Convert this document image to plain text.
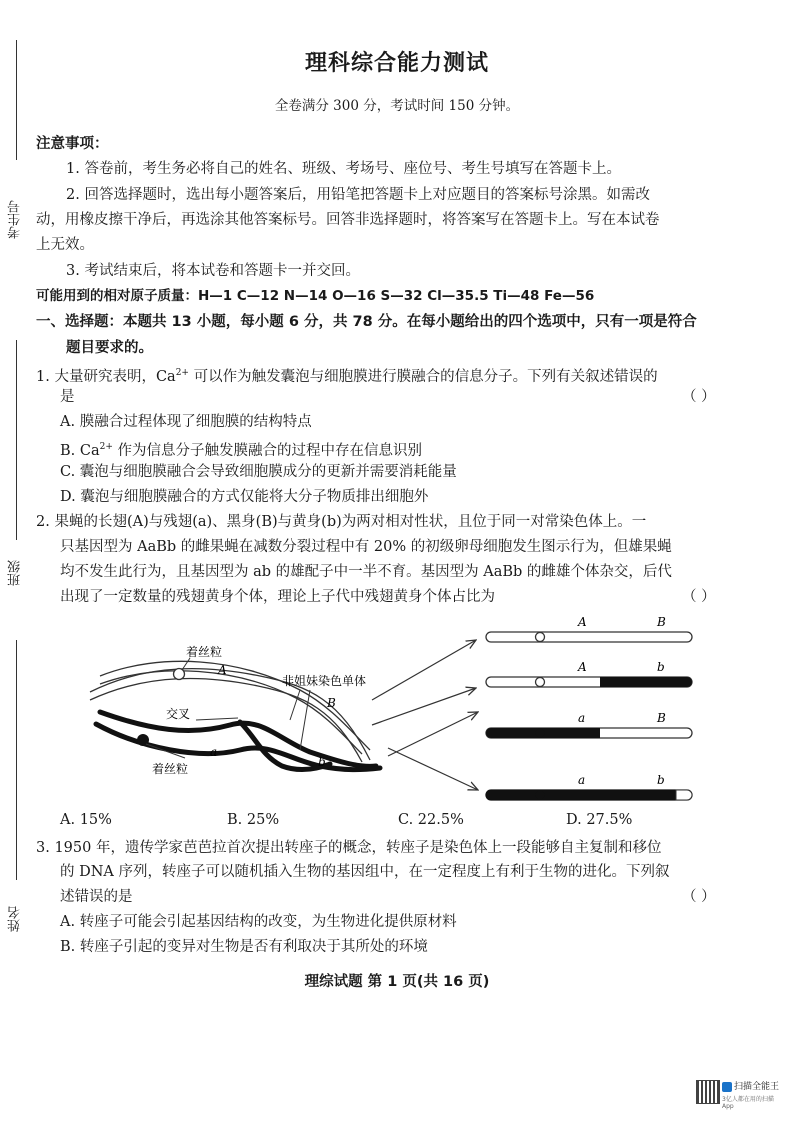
考生号
班级
姓名
理科综合能力测试
全卷满分 300 分，考试时间 150 分钟。
注意事项：
1. 答卷前，考生务必将自己的姓名、班级、考场号、座位号、考生号填写在答题卡上。
2. 回答选择题时，选出每小题答案后，用铅笔把答题卡上对应题目的答案标号涂黑。如需改
动，用橡皮擦干净后，再选涂其他答案标号。回答非选择题时，将答案写在答题卡上。写在本试卷
上无效。
3. 考试结束后，将本试卷和答题卡一并交回。
可能用到的相对原子质量：H—1 C—12 N—14 O—16 S—32 Cl—35.5 Ti—48 Fe—56
一、选择题：本题共 13 小题，每小题 6 分，共 78 分。在每小题给出的四个选项中，只有一项是符合
题目要求的。
1. 大量研究表明，$Ca^{2+}$ 可以作为触发囊泡与细胞膜进行膜融合的信息分子。下列有关叙述错误的
是	（ ）
A. 膜融合过程体现了细胞膜的结构特点
B. $Ca^{2+}$ 作为信息分子触发膜融合的过程中存在信息识别
C. 囊泡与细胞膜融合会导致细胞膜成分的更新并需要消耗能量
D. 囊泡与细胞膜融合的方式仅能将大分子物质排出细胞外
2. 果蝇的长翅(A)与残翅(a)、黑身(B)与黄身(b)为两对相对性状，且位于同一对常染色体上。一
只基因型为 AaBb 的雌果蝇在减数分裂过程中有 20% 的初级卵母细胞发生图示行为，但雄果蝇
均不发生此行为，且基因型为 ab 的雄配子中一半不育。基因型为 AaBb 的雌雄个体杂交，后代
出现了一定数量的残翅黄身个体，理论上子代中残翅黄身个体占比为	（ ）
着丝粒
非姐妹染色单体
交叉
着丝粒
A
B
a
b
A	B
A	b
a	B
a	b
A. 15%	B. 25%	C. 22.5%	D. 27.5%
3. 1950 年，遗传学家芭芭拉首次提出转座子的概念，转座子是染色体上一段能够自主复制和移位
的 DNA 序列，转座子可以随机插入生物的基因组中，在一定程度上有利于生物的进化。下列叙
述错误的是	（ ）
A. 转座子可能会引起基因结构的改变，为生物进化提供原材料
B. 转座子引起的变异对生物是否有利取决于其所处的环境
理综试题 第 1 页(共 16 页)
扫描全能王
3亿人都在用的扫描App
